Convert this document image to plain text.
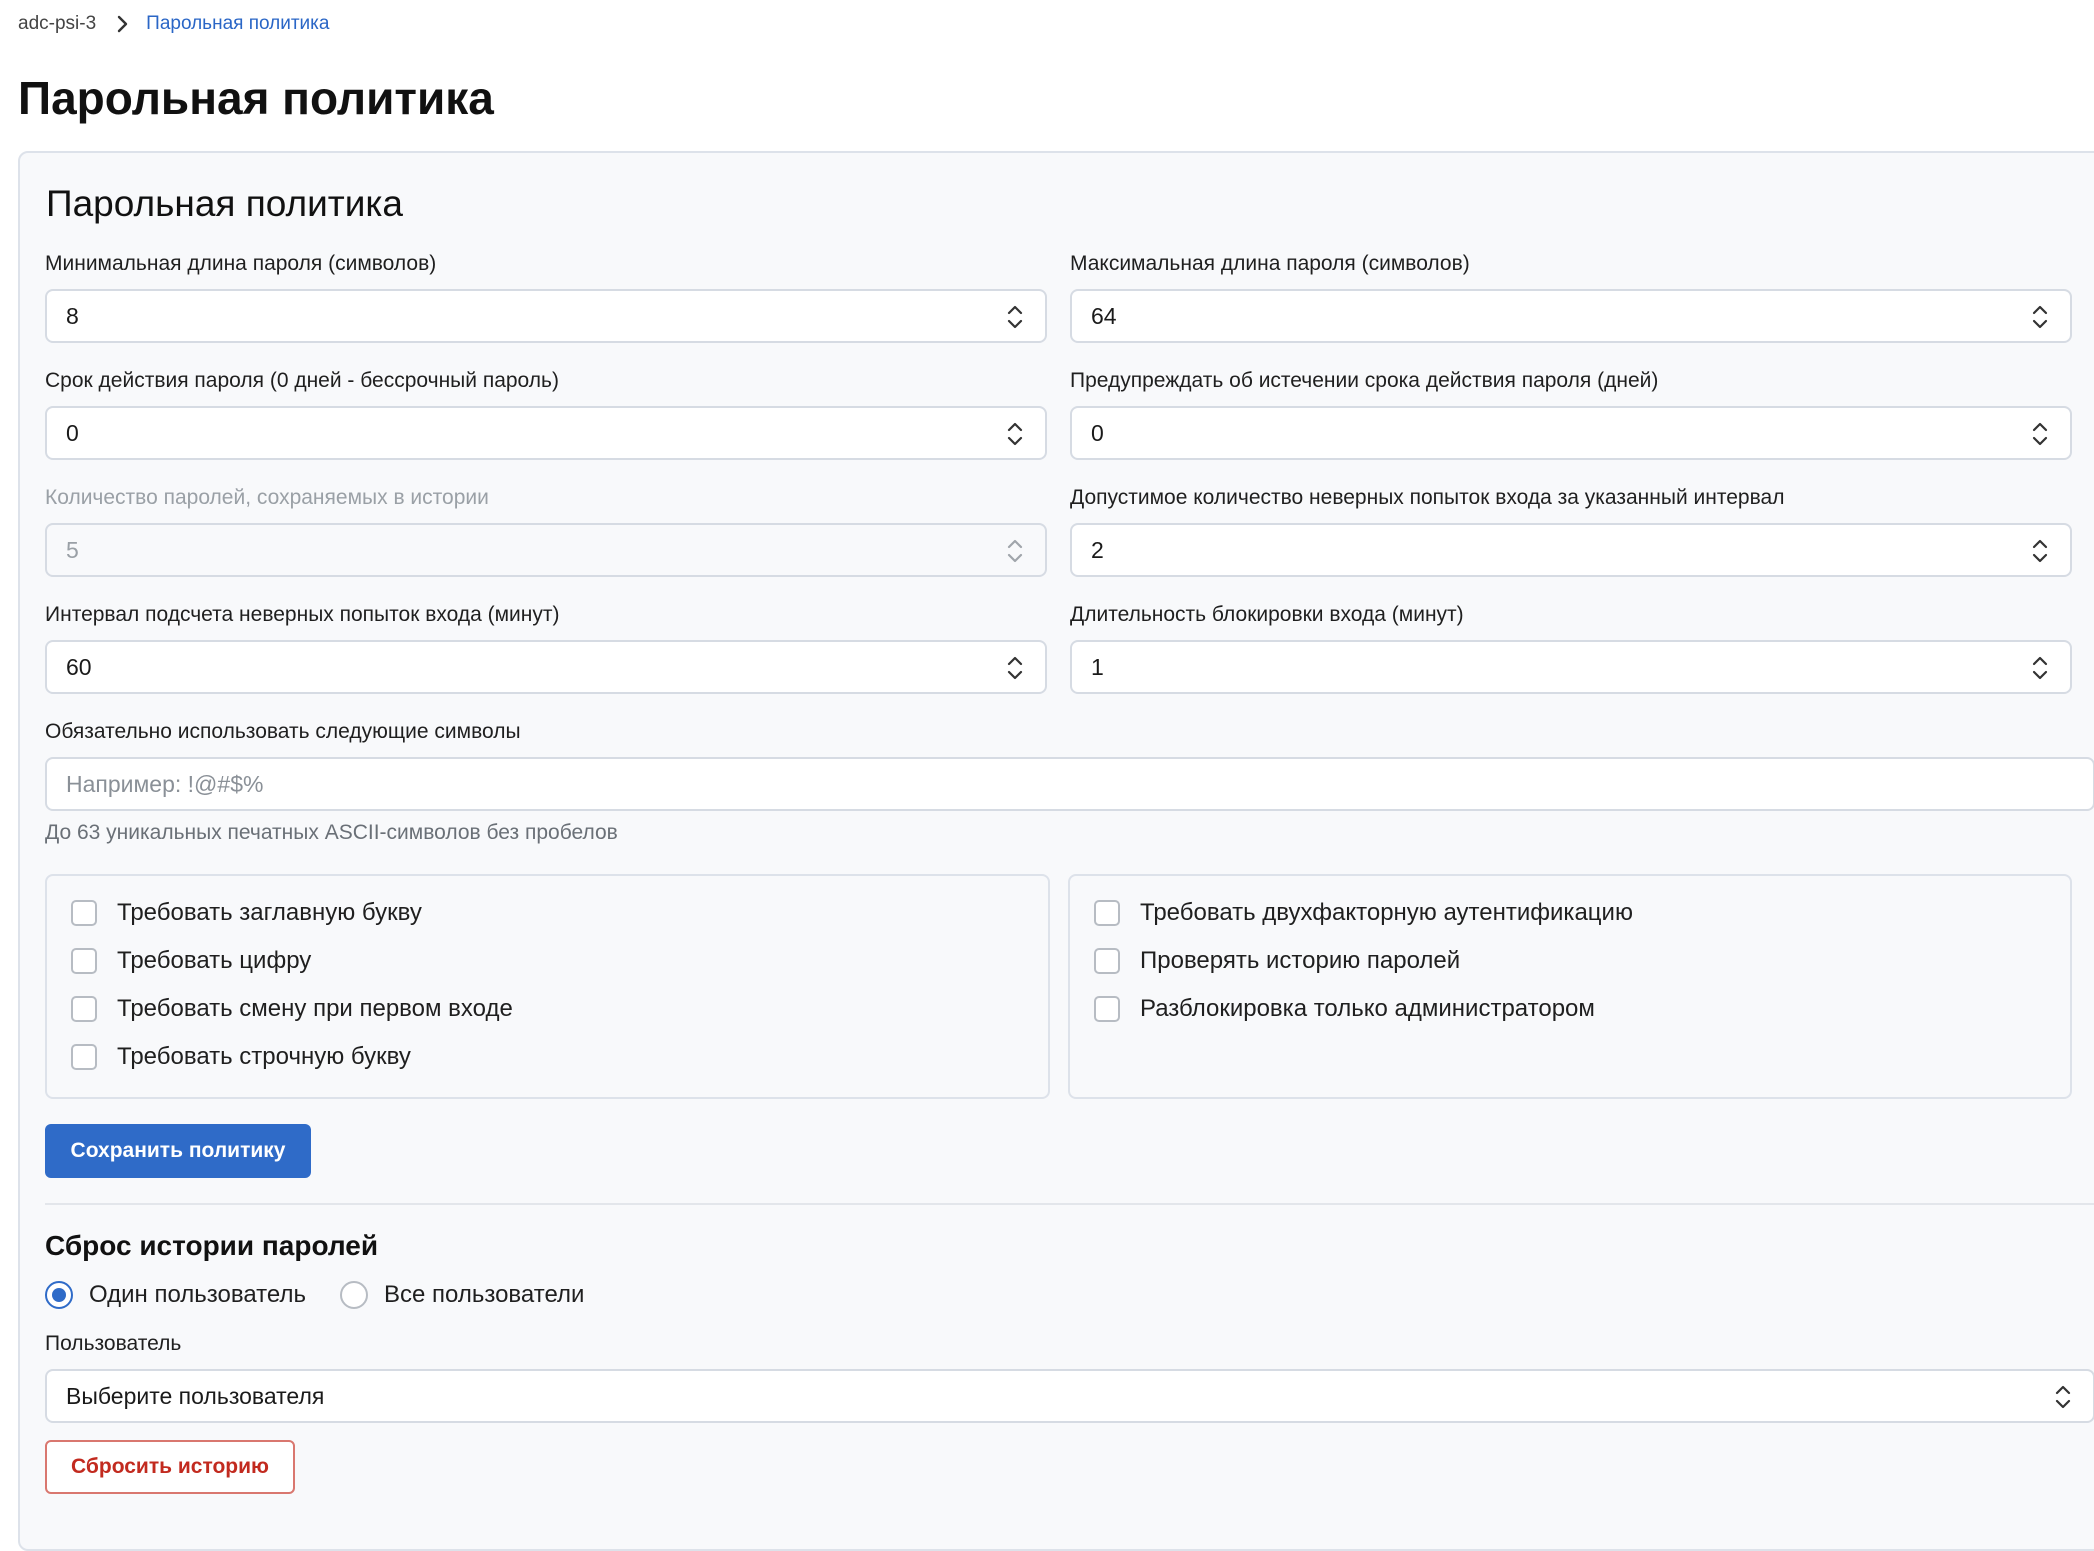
adc-psi-3	Парольная политика
Парольная политика
Парольная политика
Минимальная длина пароля (символов)
8
Максимальная длина пароля (символов)
64
Срок действия пароля (0 дней - бессрочный пароль)
0
Предупреждать об истечении срока действия пароля (дней)
0
Количество паролей, сохраняемых в истории
5
Допустимое количество неверных попыток входа за указанный интервал
2
Интервал подсчета неверных попыток входа (минут)
60
Длительность блокировки входа (минут)
1
Обязательно использовать следующие символы
Например: !@#$%
До 63 уникальных печатных ASCII-символов без пробелов
Требовать заглавную букву
Требовать цифру
Требовать смену при первом входе
Требовать строчную букву
Требовать двухфакторную аутентификацию
Проверять историю паролей
Разблокировка только администратором
Сохранить политику
Сброс истории паролей
Один пользователь	Все пользователи
Пользователь
Выберите пользователя
Сбросить историю
